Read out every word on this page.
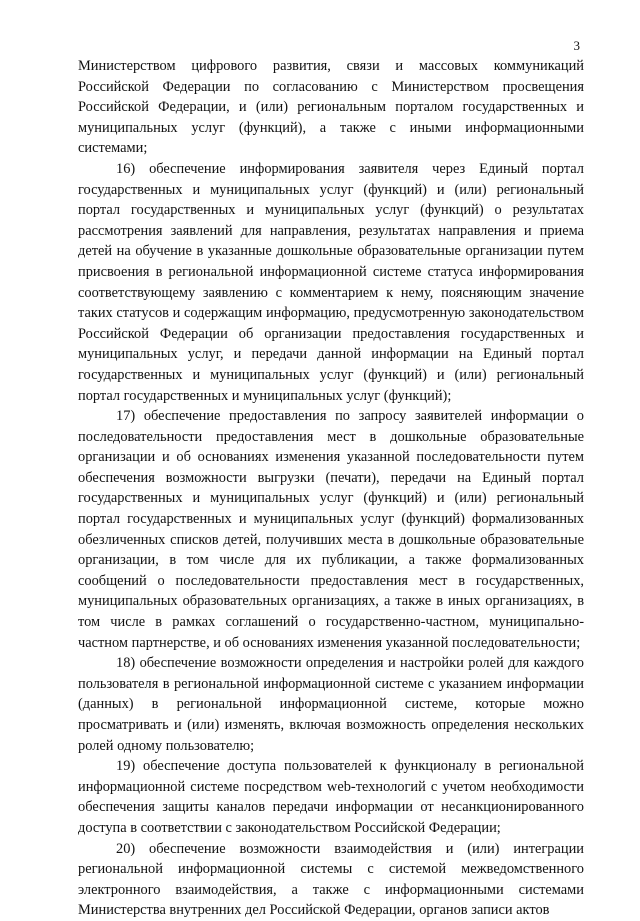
3

Министерством цифрового развития, связи и массовых коммуникаций Российской Федерации по согласованию с Министерством просвещения Российской Федерации, и (или) региональным порталом государственных и муниципальных услуг (функций), а также с иными информационными системами;

16) обеспечение информирования заявителя через Единый портал государственных и муниципальных услуг (функций) и (или) региональный портал государственных и муниципальных услуг (функций) о результатах рассмотрения заявлений для направления, результатах направления и приема детей на обучение в указанные дошкольные образовательные организации путем присвоения в региональной информационной системе статуса информирования соответствующему заявлению с комментарием к нему, поясняющим значение таких статусов и содержащим информацию, предусмотренную законодательством Российской Федерации об организации предоставления государственных и муниципальных услуг, и передачи данной информации на Единый портал государственных и муниципальных услуг (функций) и (или) региональный портал государственных и муниципальных услуг (функций);

17) обеспечение предоставления по запросу заявителей информации о последовательности предоставления мест в дошкольные образовательные организации и об основаниях изменения указанной последовательности путем обеспечения возможности выгрузки (печати), передачи на Единый портал государственных и муниципальных услуг (функций) и (или) региональный портал государственных и муниципальных услуг (функций) формализованных обезличенных списков детей, получивших места в дошкольные образовательные организации, в том числе для их публикации, а также формализованных сообщений о последовательности предоставления мест в государственных, муниципальных образовательных организациях, а также в иных организациях, в том числе в рамках соглашений о государственно-частном, муниципально-частном партнерстве, и об основаниях изменения указанной последовательности;

18) обеспечение возможности определения и настройки ролей для каждого пользователя в региональной информационной системе с указанием информации (данных) в региональной информационной системе, которые можно просматривать и (или) изменять, включая возможность определения нескольких ролей одному пользователю;

19) обеспечение доступа пользователей к функционалу в региональной информационной системе посредством web-технологий с учетом необходимости обеспечения защиты каналов передачи информации от несанкционированного доступа в соответствии с законодательством Российской Федерации;

20) обеспечение возможности взаимодействия и (или) интеграции региональной информационной системы с системой межведомственного электронного взаимодействия, а также с информационными системами Министерства внутренних дел Российской Федерации, органов записи актов
